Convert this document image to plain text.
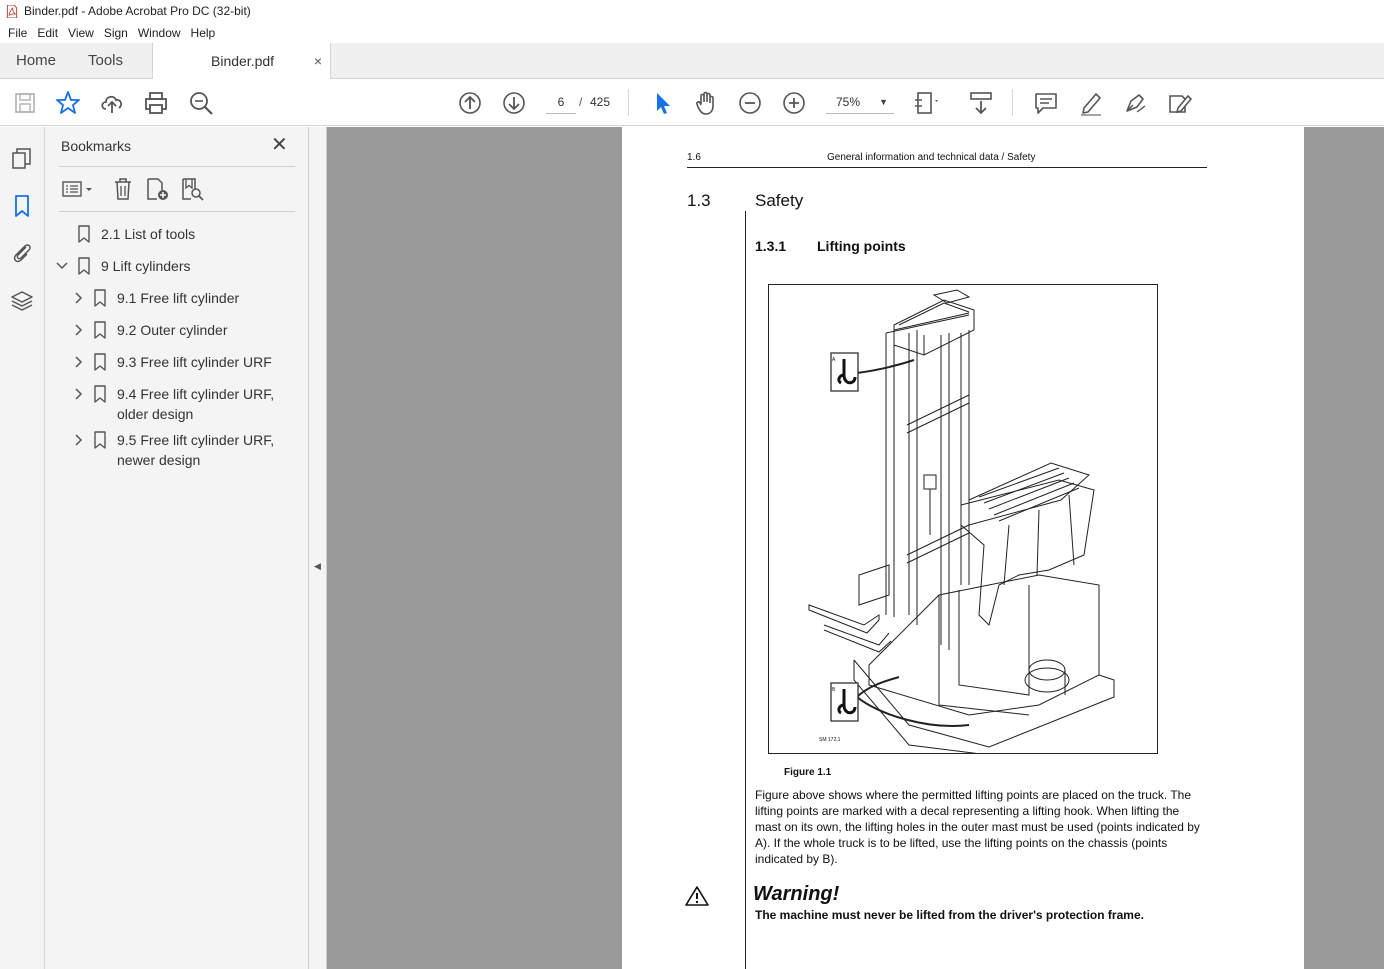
Binder.pdf - Adobe Acrobat Pro DC (32-bit)
File Edit View Sign Window Help
Home Tools	Binder.pdf	×
6	/ 425	75% ▼
Bookmarks	✕
2.1 List of tools
9 Lift cylinders
9.1 Free lift cylinder
9.2 Outer cylinder
9.3 Free lift cylinder URF
9.4 Free lift cylinder URF,
older design
9.5 Free lift cylinder URF,
newer design
◀
1.6	General information and technical data / Safety
1.3	Safety
1.3.1 Lifting points
A
B
SM 172.1
Figure 1.1
Figure above shows where the permitted lifting points are placed on the truck. The lifting points are marked with a decal representing a lifting hook. When lifting the mast on its own, the lifting holes in the outer mast must be used (points indicated by A). If the whole truck is to be lifted, use the lifting points on the chassis (points indicated by B).
Warning!
The machine must never be lifted from the driver's protection frame.
